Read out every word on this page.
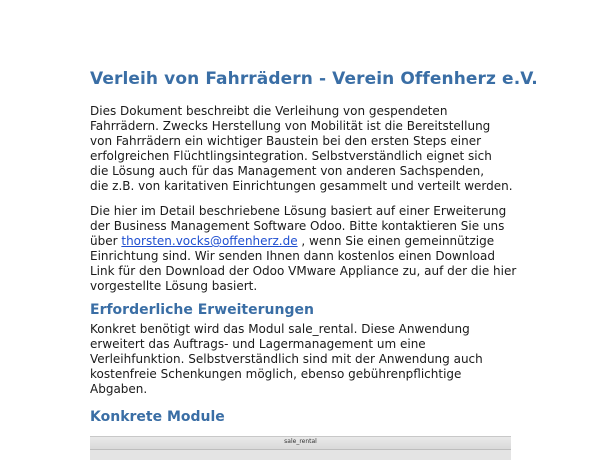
Verleih von Fahrrädern - Verein Offenherz e.V.

Dies Dokument beschreibt die Verleihung von gespendeten
Fahrrädern. Zwecks Herstellung von Mobilität ist die Bereitstellung
von Fahrrädern ein wichtiger Baustein bei den ersten Steps einer
erfolgreichen Flüchtlingsintegration. Selbstverständlich eignet sich
die Lösung auch für das Management von anderen Sachspenden,
die z.B. von karitativen Einrichtungen gesammelt und verteilt werden.

Die hier im Detail beschriebene Lösung basiert auf einer Erweiterung
der Business Management Software Odoo. Bitte kontaktieren Sie uns
über thorsten.vocks@offenherz.de , wenn Sie einen gemeinnützige
Einrichtung sind. Wir senden Ihnen dann kostenlos einen Download
Link für den Download der Odoo VMware Appliance zu, auf der die hier
vorgestellte Lösung basiert.

Erforderliche Erweiterungen

Konkret benötigt wird das Modul sale_rental. Diese Anwendung
erweitert das Auftrags- und Lagermanagement um eine
Verleihfunktion. Selbstverständlich sind mit der Anwendung auch
kostenfreie Schenkungen möglich, ebenso gebührenpflichtige
Abgaben.

Konkrete Module
sale_rental
